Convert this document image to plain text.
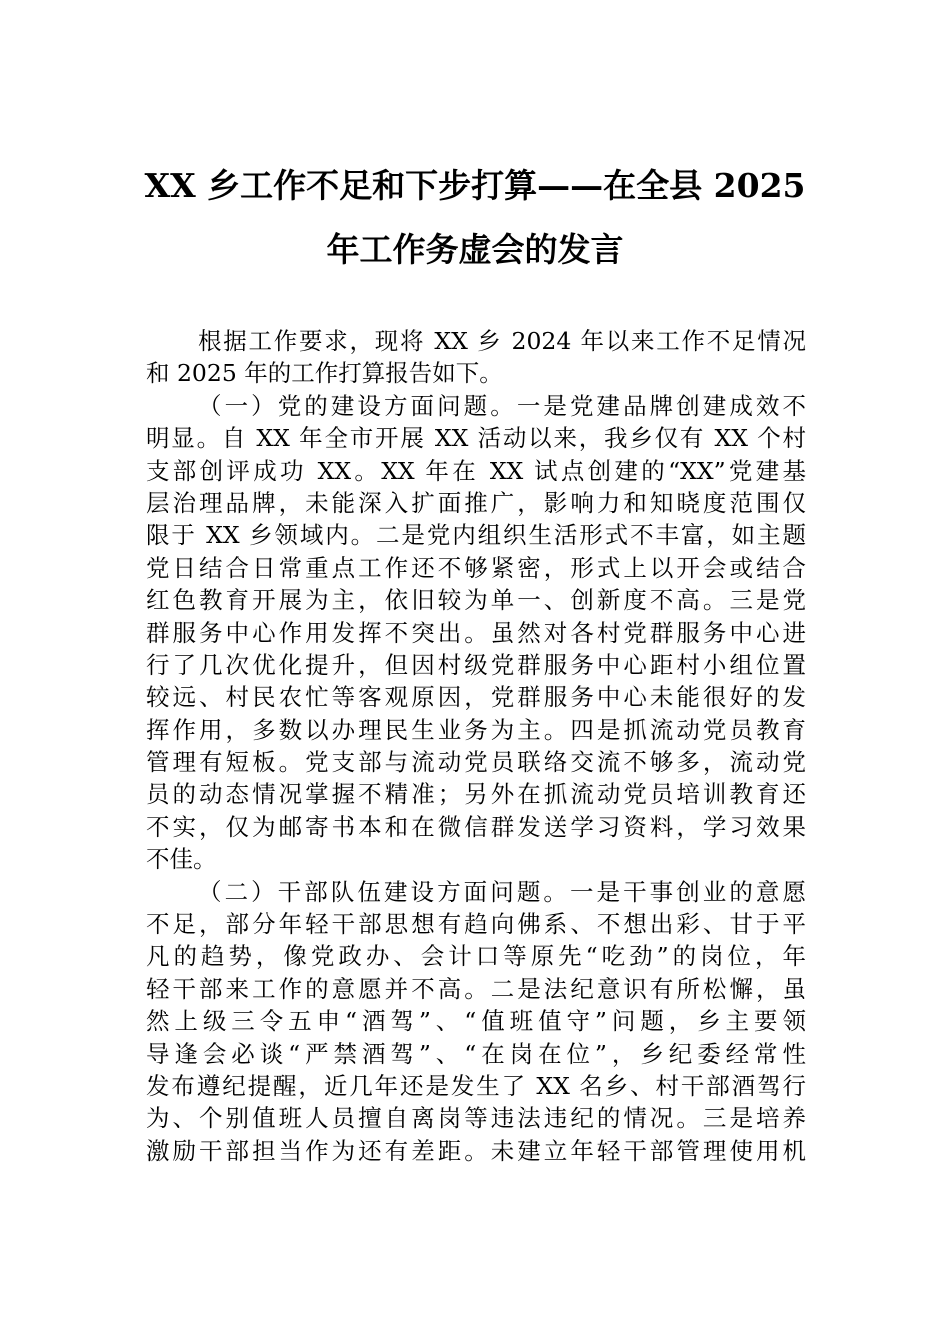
XX 乡工作不足和下步打算——在全县 2025
年工作务虚会的发言
根据工作要求，现将 XX 乡 2024 年以来工作不足情况
和 2025 年的工作打算报告如下。
（一）党的建设方面问题。一是党建品牌创建成效不
明显。自 XX 年全市开展 XX 活动以来，我乡仅有 XX 个村
支部创评成功 XX。XX 年在 XX 试点创建的“XX”党建基
层治理品牌，未能深入扩面推广，影响力和知晓度范围仅
限于 XX 乡领域内。二是党内组织生活形式不丰富，如主题
党日结合日常重点工作还不够紧密，形式上以开会或结合
红色教育开展为主，依旧较为单一、创新度不高。三是党
群服务中心作用发挥不突出。虽然对各村党群服务中心进
行了几次优化提升，但因村级党群服务中心距村小组位置
较远、村民农忙等客观原因，党群服务中心未能很好的发
挥作用，多数以办理民生业务为主。四是抓流动党员教育
管理有短板。党支部与流动党员联络交流不够多，流动党
员的动态情况掌握不精准；另外在抓流动党员培训教育还
不实，仅为邮寄书本和在微信群发送学习资料，学习效果
不佳。
（二）干部队伍建设方面问题。一是干事创业的意愿
不足，部分年轻干部思想有趋向佛系、不想出彩、甘于平
凡的趋势，像党政办、会计口等原先“吃劲”的岗位，年
轻干部来工作的意愿并不高。二是法纪意识有所松懈，虽
然上级三令五申“酒驾”、“值班值守”问题，乡主要领
导逢会必谈“严禁酒驾”、“在岗在位”，乡纪委经常性
发布遵纪提醒，近几年还是发生了 XX 名乡、村干部酒驾行
为、个别值班人员擅自离岗等违法违纪的情况。三是培养
激励干部担当作为还有差距。未建立年轻干部管理使用机
